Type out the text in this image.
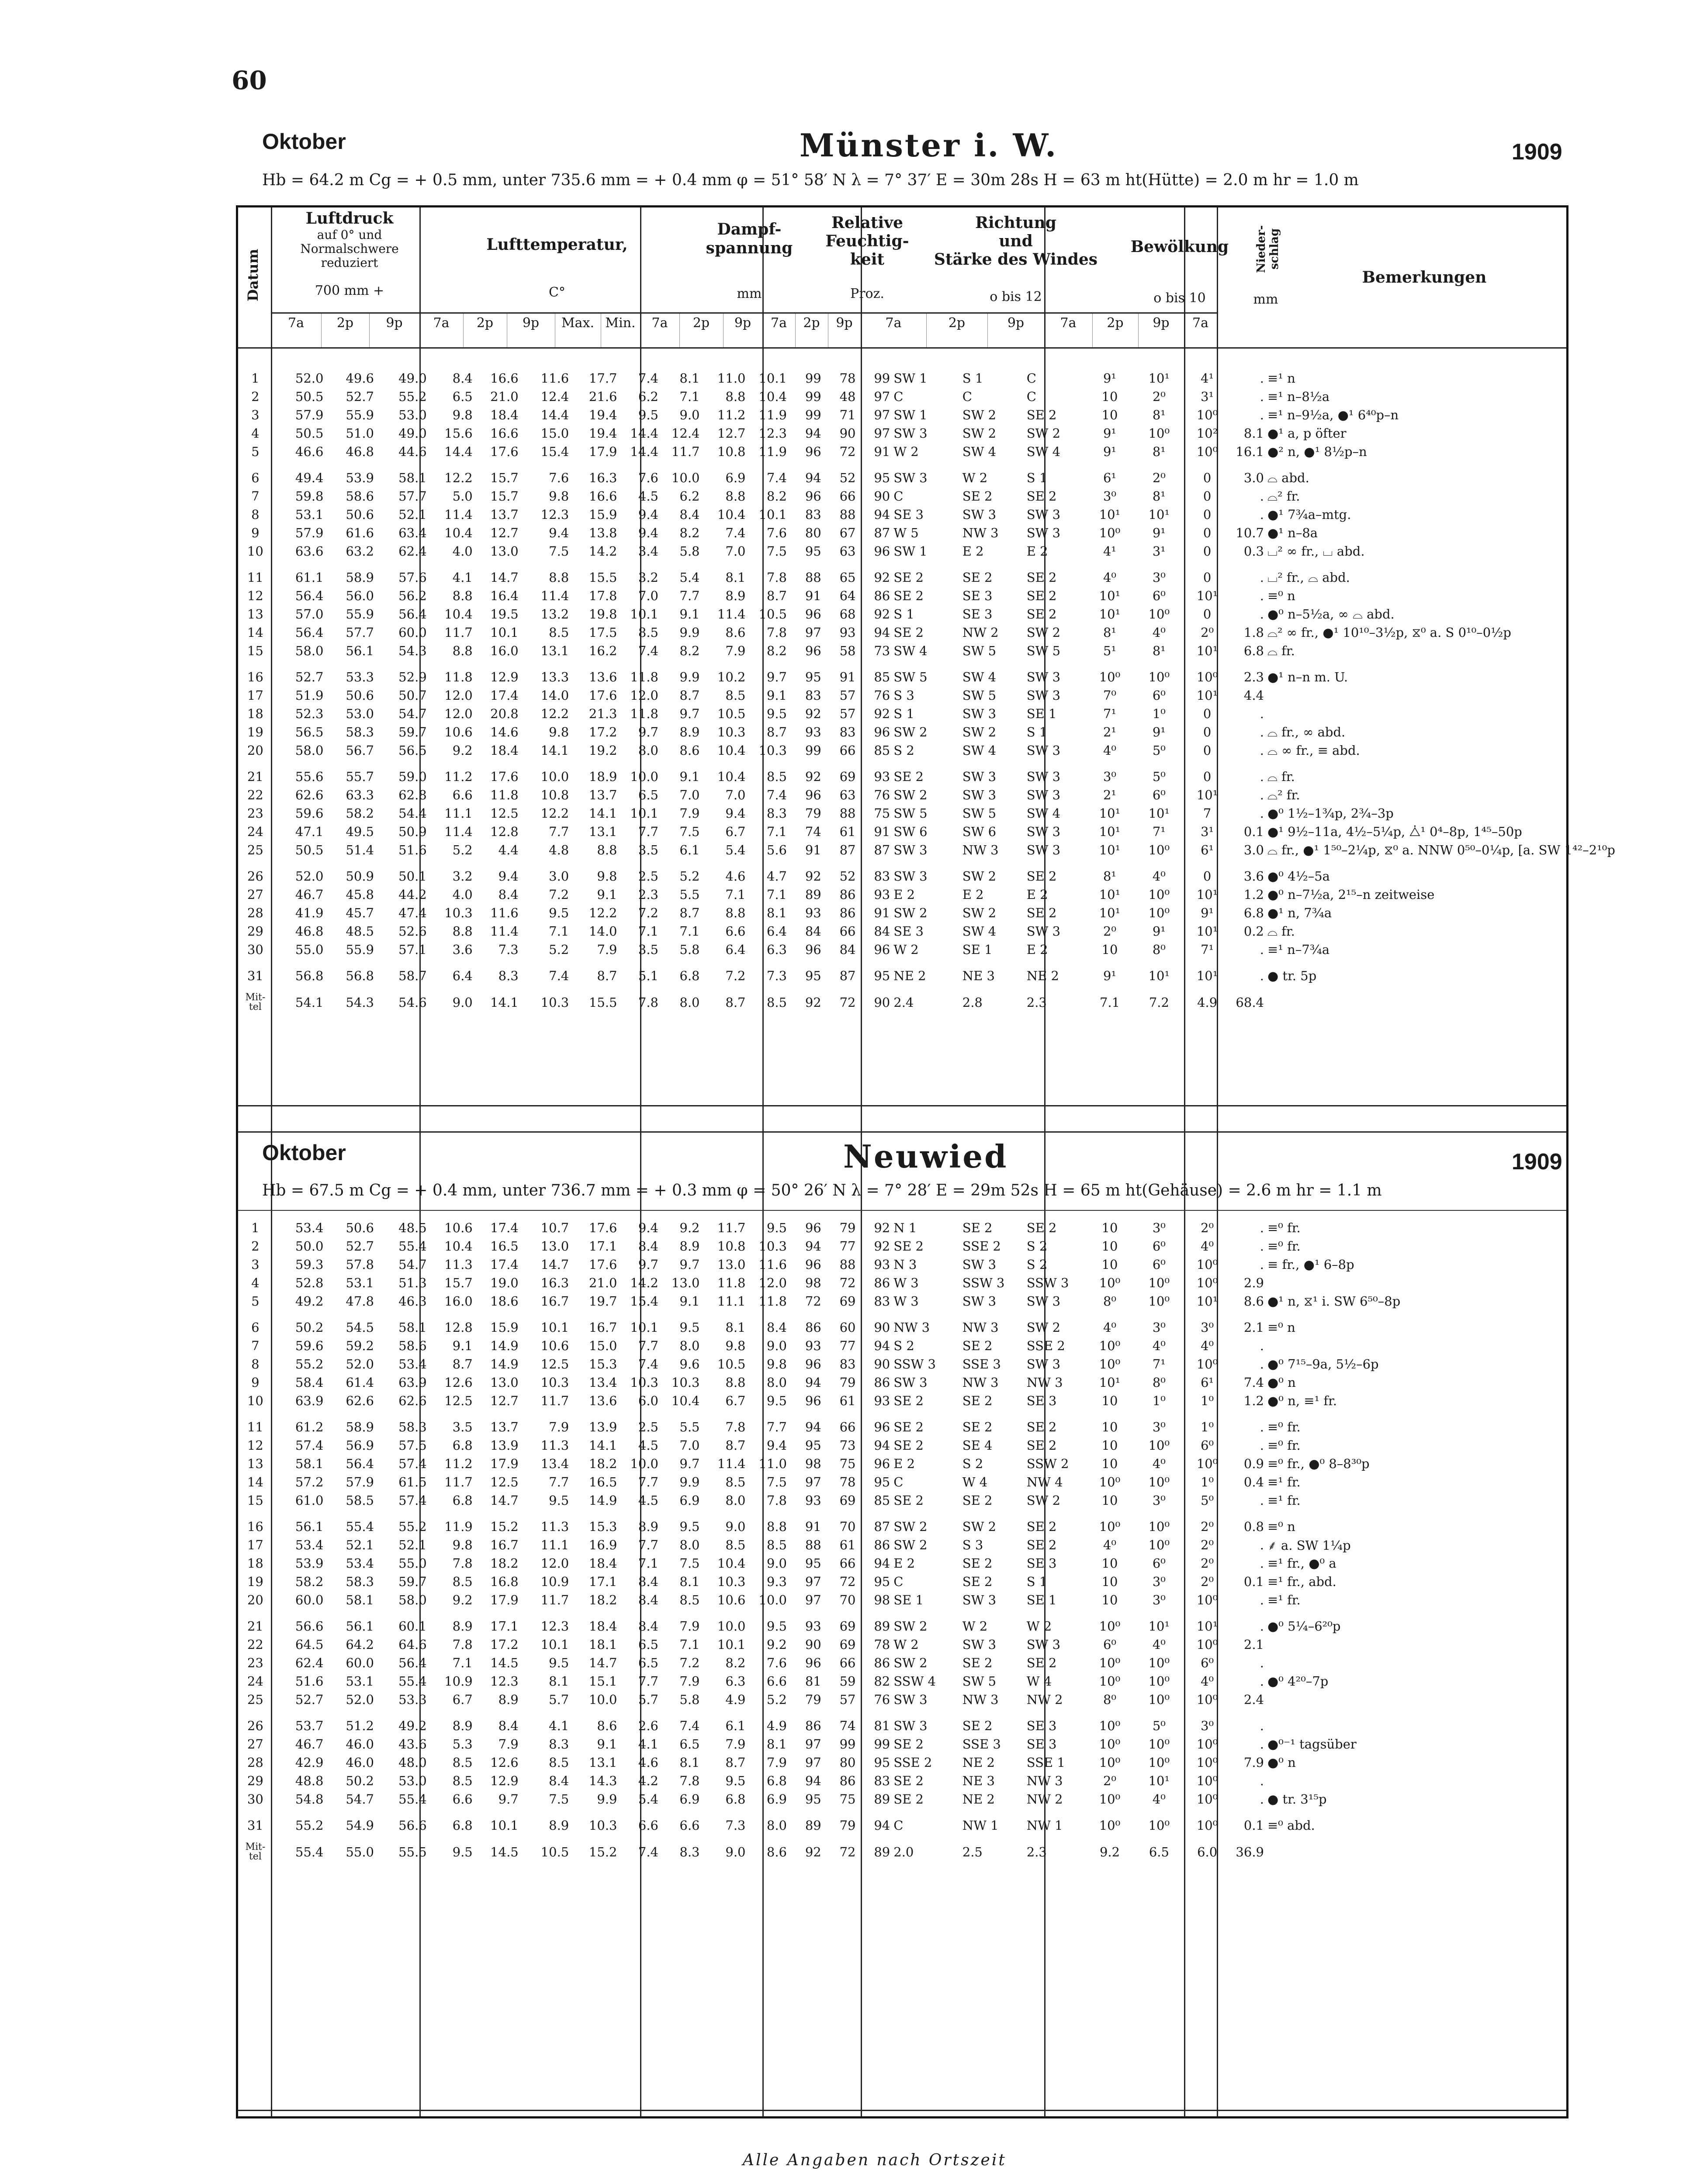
60
Oktober	Münster i. W.	1909
Hb = 64.2 m Cg = + 0.5 mm, unter 735.6 mm = + 0.4 mm φ = 51° 58′ N λ = 7° 37′ E = 30m 28s H = 63 m ht(Hütte) = 2.0 m hr = 1.0 m
Datum
Luftdruck
auf 0° und
Normalschwere
reduziert
700 mm +
Lufttemperatur,
C°
Dampf-
spannung
mm
Relative
Feuchtig-
keit
Proz.
Richtung
und
Stärke des Windes
o bis 12
Bewölkung
o bis 10
Nieder-schlag
mm
Bemerkungen
7a	2p	9p	7a	2p	9p	Max. Min.	7a	2p	9p	7a	2p	9p	7a	2p	9p	7a	2p	9p	7a
1	52.0	49.6	49.0	8.4	16.6	11.6	17.7	7.4	8.1	11.0	10.1	99	78	99	SW 1	S 1	C	9¹	10¹	4¹	.	≡¹ n
2	50.5	52.7	55.2	6.5	21.0	12.4	21.6	6.2	7.1	8.8	10.4	99	48	97	C	C	C	10	2⁰	3¹	.	≡¹ n–8½a
3	57.9	55.9	53.0	9.8	18.4	14.4	19.4	9.5	9.0	11.2	11.9	99	71	97	SW 1	SW 2	SE 2	10	8¹	10⁰	.	≡¹ n–9½a, ●¹ 6⁴⁰p–n
4	50.5	51.0	49.0	15.6	16.6	15.0	19.4	14.4	12.4	12.7	12.3	94	90	97	SW 3	SW 2	SW 2	9¹	10⁰	10²	8.1	●¹ a, p öfter
5	46.6	46.8	44.6	14.4	17.6	15.4	17.9	14.4	11.7	10.8	11.9	96	72	91	W 2	SW 4	SW 4	9¹	8¹	10⁰	16.1	●² n, ●¹ 8½p–n

6	49.4	53.9	58.1	12.2	15.7	7.6	16.3	7.6	10.0	6.9	7.4	94	52	95	SW 3	W 2	S 1	6¹	2⁰	0	3.0	⌓ abd.
7	59.8	58.6	57.7	5.0	15.7	9.8	16.6	4.5	6.2	8.8	8.2	96	66	90	C	SE 2	SE 2	3⁰	8¹	0	.	⌓² fr.
8	53.1	50.6	52.1	11.4	13.7	12.3	15.9	9.4	8.4	10.4	10.1	83	88	94	SE 3	SW 3	SW 3	10¹	10¹	0	.	●¹ 7¾a–mtg.
9	57.9	61.6	63.4	10.4	12.7	9.4	13.8	9.4	8.2	7.4	7.6	80	67	87	W 5	NW 3	SW 3	10⁰	9¹	0	10.7	●¹ n–8a
10	63.6	63.2	62.4	4.0	13.0	7.5	14.2	3.4	5.8	7.0	7.5	95	63	96	SW 1	E 2	E 2	4¹	3¹	0	0.3	⌴² ∞ fr., ⌴ abd.

11	61.1	58.9	57.6	4.1	14.7	8.8	15.5	3.2	5.4	8.1	7.8	88	65	92	SE 2	SE 2	SE 2	4⁰	3⁰	0	.	⌴² fr., ⌓ abd.
12	56.4	56.0	56.2	8.8	16.4	11.4	17.8	7.0	7.7	8.9	8.7	91	64	86	SE 2	SE 3	SE 2	10¹	6⁰	10¹	.	≡⁰ n
13	57.0	55.9	56.4	10.4	19.5	13.2	19.8	10.1	9.1	11.4	10.5	96	68	92	S 1	SE 3	SE 2	10¹	10⁰	0	.	●⁰ n–5½a, ∞ ⌓ abd.
14	56.4	57.7	60.0	11.7	10.1	8.5	17.5	8.5	9.9	8.6	7.8	97	93	94	SE 2	NW 2	SW 2	8¹	4⁰	2⁰	1.8	⌓² ∞ fr., ●¹ 10¹⁰–3½p, ⧖⁰ a. S 0¹⁰–0½p
15	58.0	56.1	54.3	8.8	16.0	13.1	16.2	7.4	8.2	7.9	8.2	96	58	73	SW 4	SW 5	SW 5	5¹	8¹	10¹	6.8	⌓ fr.

16	52.7	53.3	52.9	11.8	12.9	13.3	13.6	11.8	9.9	10.2	9.7	95	91	85	SW 5	SW 4	SW 3	10⁰	10⁰	10⁰	2.3	●¹ n–n m. U.
17	51.9	50.6	50.7	12.0	17.4	14.0	17.6	12.0	8.7	8.5	9.1	83	57	76	S 3	SW 5	SW 3	7⁰	6⁰	10¹	4.4	
18	52.3	53.0	54.7	12.0	20.8	12.2	21.3	11.8	9.7	10.5	9.5	92	57	92	S 1	SW 3	SE 1	7¹	1⁰	0	.	
19	56.5	58.3	59.7	10.6	14.6	9.8	17.2	9.7	8.9	10.3	8.7	93	83	96	SW 2	SW 2	S 1	2¹	9¹	0	.	⌓ fr., ∞ abd.
20	58.0	56.7	56.5	9.2	18.4	14.1	19.2	8.0	8.6	10.4	10.3	99	66	85	S 2	SW 4	SW 3	4⁰	5⁰	0	.	⌓ ∞ fr., ≡ abd.

21	55.6	55.7	59.0	11.2	17.6	10.0	18.9	10.0	9.1	10.4	8.5	92	69	93	SE 2	SW 3	SW 3	3⁰	5⁰	0	.	⌓ fr.
22	62.6	63.3	62.8	6.6	11.8	10.8	13.7	6.5	7.0	7.0	7.4	96	63	76	SW 2	SW 3	SW 3	2¹	6⁰	10¹	.	⌓² fr.
23	59.6	58.2	54.4	11.1	12.5	12.2	14.1	10.1	7.9	9.4	8.3	79	88	75	SW 5	SW 5	SW 4	10¹	10¹	7	.	●⁰ 1½–1¾p, 2¾–3p
24	47.1	49.5	50.9	11.4	12.8	7.7	13.1	7.7	7.5	6.7	7.1	74	61	91	SW 6	SW 6	SW 3	10¹	7¹	3¹	0.1	●¹ 9½–11a, 4½–5¼p, ⧊¹ 0⁴–8p, 1⁴⁵–50p
25	50.5	51.4	51.6	5.2	4.4	4.8	8.8	3.5	6.1	5.4	5.6	91	87	87	SW 3	NW 3	SW 3	10¹	10⁰	6¹	3.0	⌓ fr., ●¹ 1⁵⁰–2¼p, ⧖⁰ a. NNW 0⁵⁰–0¼p, [a. SW 1⁴²–2¹⁰p

26	52.0	50.9	50.1	3.2	9.4	3.0	9.8	2.5	5.2	4.6	4.7	92	52	83	SW 3	SW 2	SE 2	8¹	4⁰	0	3.6	●⁰ 4½–5a
27	46.7	45.8	44.2	4.0	8.4	7.2	9.1	2.3	5.5	7.1	7.1	89	86	93	E 2	E 2	E 2	10¹	10⁰	10¹	1.2	●⁰ n–7½a, 2¹⁵–n zeitweise
28	41.9	45.7	47.4	10.3	11.6	9.5	12.2	7.2	8.7	8.8	8.1	93	86	91	SW 2	SW 2	SE 2	10¹	10⁰	9¹	6.8	●¹ n, 7¾a
29	46.8	48.5	52.6	8.8	11.4	7.1	14.0	7.1	7.1	6.6	6.4	84	66	84	SE 3	SW 4	SW 3	2⁰	9¹	10¹	0.2	⌓ fr.
30	55.0	55.9	57.1	3.6	7.3	5.2	7.9	3.5	5.8	6.4	6.3	96	84	96	W 2	SE 1	E 2	10	8⁰	7¹	.	≡¹ n–7¾a

31	56.8	56.8	58.7	6.4	8.3	7.4	8.7	5.1	6.8	7.2	7.3	95	87	95	NE 2	NE 3	NE 2	9¹	10¹	10¹	.	● tr. 5p

Mit-tel	54.1	54.3	54.6	9.0	14.1	10.3	15.5	7.8	8.0	8.7	8.5	92	72	90	2.4	2.8	2.3	7.1	7.2	4.9	68.4	
Oktober	Neuwied	1909
Hb = 67.5 m Cg = + 0.4 mm, unter 736.7 mm = + 0.3 mm φ = 50° 26′ N λ = 7° 28′ E = 29m 52s H = 65 m ht(Gehäuse) = 2.6 m hr = 1.1 m
1	53.4	50.6	48.5	10.6	17.4	10.7	17.6	9.4	9.2	11.7	9.5	96	79	92	N 1	SE 2	SE 2	10	3⁰	2⁰	.	≡⁰ fr.
2	50.0	52.7	55.4	10.4	16.5	13.0	17.1	8.4	8.9	10.8	10.3	94	77	92	SE 2	SSE 2	S 2	10	6⁰	4⁰	.	≡⁰ fr.
3	59.3	57.8	54.7	11.3	17.4	14.7	17.6	9.7	9.7	13.0	11.6	96	88	93	N 3	SW 3	S 2	10	6⁰	10⁰	.	≡ fr., ●¹ 6–8p
4	52.8	53.1	51.3	15.7	19.0	16.3	21.0	14.2	13.0	11.8	12.0	98	72	86	W 3	SSW 3	SSW 3	10⁰	10⁰	10⁰	2.9	
5	49.2	47.8	46.3	16.0	18.6	16.7	19.7	15.4	9.1	11.1	11.8	72	69	83	W 3	SW 3	SW 3	8⁰	10⁰	10¹	8.6	●¹ n, ⧖¹ i. SW 6⁵⁰–8p

6	50.2	54.5	58.1	12.8	15.9	10.1	16.7	10.1	9.5	8.1	8.4	86	60	90	NW 3	NW 3	SW 2	4⁰	3⁰	3⁰	2.1	≡⁰ n
7	59.6	59.2	58.6	9.1	14.9	10.6	15.0	7.7	8.0	9.8	9.0	93	77	94	S 2	SE 2	SSE 2	10⁰	4⁰	4⁰	.	
8	55.2	52.0	53.4	8.7	14.9	12.5	15.3	7.4	9.6	10.5	9.8	96	83	90	SSW 3	SSE 3	SW 3	10⁰	7¹	10⁰	.	●⁰ 7¹⁵–9a, 5½–6p
9	58.4	61.4	63.9	12.6	13.0	10.3	13.4	10.3	10.3	8.8	8.0	94	79	86	SW 3	NW 3	NW 3	10¹	8⁰	6¹	7.4	●⁰ n
10	63.9	62.6	62.6	12.5	12.7	11.7	13.6	6.0	10.4	6.7	9.5	96	61	93	SE 2	SE 2	SE 3	10	1⁰	1⁰	1.2	●⁰ n, ≡¹ fr.

11	61.2	58.9	58.3	3.5	13.7	7.9	13.9	2.5	5.5	7.8	7.7	94	66	96	SE 2	SE 2	SE 2	10	3⁰	1⁰	.	≡⁰ fr.
12	57.4	56.9	57.5	6.8	13.9	11.3	14.1	4.5	7.0	8.7	9.4	95	73	94	SE 2	SE 4	SE 2	10	10⁰	6⁰	.	≡⁰ fr.
13	58.1	56.4	57.4	11.2	17.9	13.4	18.2	10.0	9.7	11.4	11.0	98	75	96	E 2	S 2	SSW 2	10	4⁰	10⁰	0.9	≡⁰ fr., ●⁰ 8–8³⁰p
14	57.2	57.9	61.5	11.7	12.5	7.7	16.5	7.7	9.9	8.5	7.5	97	78	95	C	W 4	NW 4	10⁰	10⁰	1⁰	0.4	≡¹ fr.
15	61.0	58.5	57.4	6.8	14.7	9.5	14.9	4.5	6.9	8.0	7.8	93	69	85	SE 2	SE 2	SW 2	10	3⁰	5⁰	.	≡¹ fr.

16	56.1	55.4	55.2	11.9	15.2	11.3	15.3	8.9	9.5	9.0	8.8	91	70	87	SW 2	SW 2	SE 2	10⁰	10⁰	2⁰	0.8	≡⁰ n
17	53.4	52.1	52.1	9.8	16.7	11.1	16.9	7.7	8.0	8.5	8.5	88	61	86	SW 2	S 3	SE 2	4⁰	10⁰	2⁰	.	⸙ a. SW 1¼p
18	53.9	53.4	55.0	7.8	18.2	12.0	18.4	7.1	7.5	10.4	9.0	95	66	94	E 2	SE 2	SE 3	10	6⁰	2⁰	.	≡¹ fr., ●⁰ a
19	58.2	58.3	59.7	8.5	16.8	10.9	17.1	8.4	8.1	10.3	9.3	97	72	95	C	SE 2	S 1	10	3⁰	2⁰	0.1	≡¹ fr., abd.
20	60.0	58.1	58.0	9.2	17.9	11.7	18.2	8.4	8.5	10.6	10.0	97	70	98	SE 1	SW 3	SE 1	10	3⁰	10⁰	.	≡¹ fr.

21	56.6	56.1	60.1	8.9	17.1	12.3	18.4	8.4	7.9	10.0	9.5	93	69	89	SW 2	W 2	W 2	10⁰	10¹	10¹	.	●⁰ 5¼–6²⁰p
22	64.5	64.2	64.6	7.8	17.2	10.1	18.1	6.5	7.1	10.1	9.2	90	69	78	W 2	SW 3	SW 3	6⁰	4⁰	10⁰	2.1	
23	62.4	60.0	56.4	7.1	14.5	9.5	14.7	6.5	7.2	8.2	7.6	96	66	86	SW 2	SE 2	SE 2	10⁰	10⁰	6⁰	.	
24	51.6	53.1	55.4	10.9	12.3	8.1	15.1	7.7	7.9	6.3	6.6	81	59	82	SSW 4	SW 5	W 4	10⁰	10⁰	4⁰	.	●⁰ 4²⁰–7p
25	52.7	52.0	53.3	6.7	8.9	5.7	10.0	5.7	5.8	4.9	5.2	79	57	76	SW 3	NW 3	NW 2	8⁰	10⁰	10⁰	2.4	

26	53.7	51.2	49.2	8.9	8.4	4.1	8.6	2.6	7.4	6.1	4.9	86	74	81	SW 3	SE 2	SE 3	10⁰	5⁰	3⁰	.	
27	46.7	46.0	43.6	5.3	7.9	8.3	9.1	4.1	6.5	7.9	8.1	97	99	99	SE 2	SSE 3	SE 3	10⁰	10⁰	10⁰	.	●⁰⁻¹ tagsüber
28	42.9	46.0	48.0	8.5	12.6	8.5	13.1	4.6	8.1	8.7	7.9	97	80	95	SSE 2	NE 2	SSE 1	10⁰	10⁰	10⁰	7.9	●⁰ n
29	48.8	50.2	53.0	8.5	12.9	8.4	14.3	4.2	7.8	9.5	6.8	94	86	83	SE 2	NE 3	NW 3	2⁰	10¹	10⁰	.	
30	54.8	54.7	55.4	6.6	9.7	7.5	9.9	5.4	6.9	6.8	6.9	95	75	89	SE 2	NE 2	NW 2	10⁰	4⁰	10⁰	.	● tr. 3¹⁵p

31	55.2	54.9	56.6	6.8	10.1	8.9	10.3	6.6	6.6	7.3	8.0	89	79	94	C	NW 1	NW 1	10⁰	10⁰	10⁰	0.1	≡⁰ abd.

Mit-tel	55.4	55.0	55.5	9.5	14.5	10.5	15.2	7.4	8.3	9.0	8.6	92	72	89	2.0	2.5	2.3	9.2	6.5	6.0	36.9	
Alle Angaben nach Ortszeit
